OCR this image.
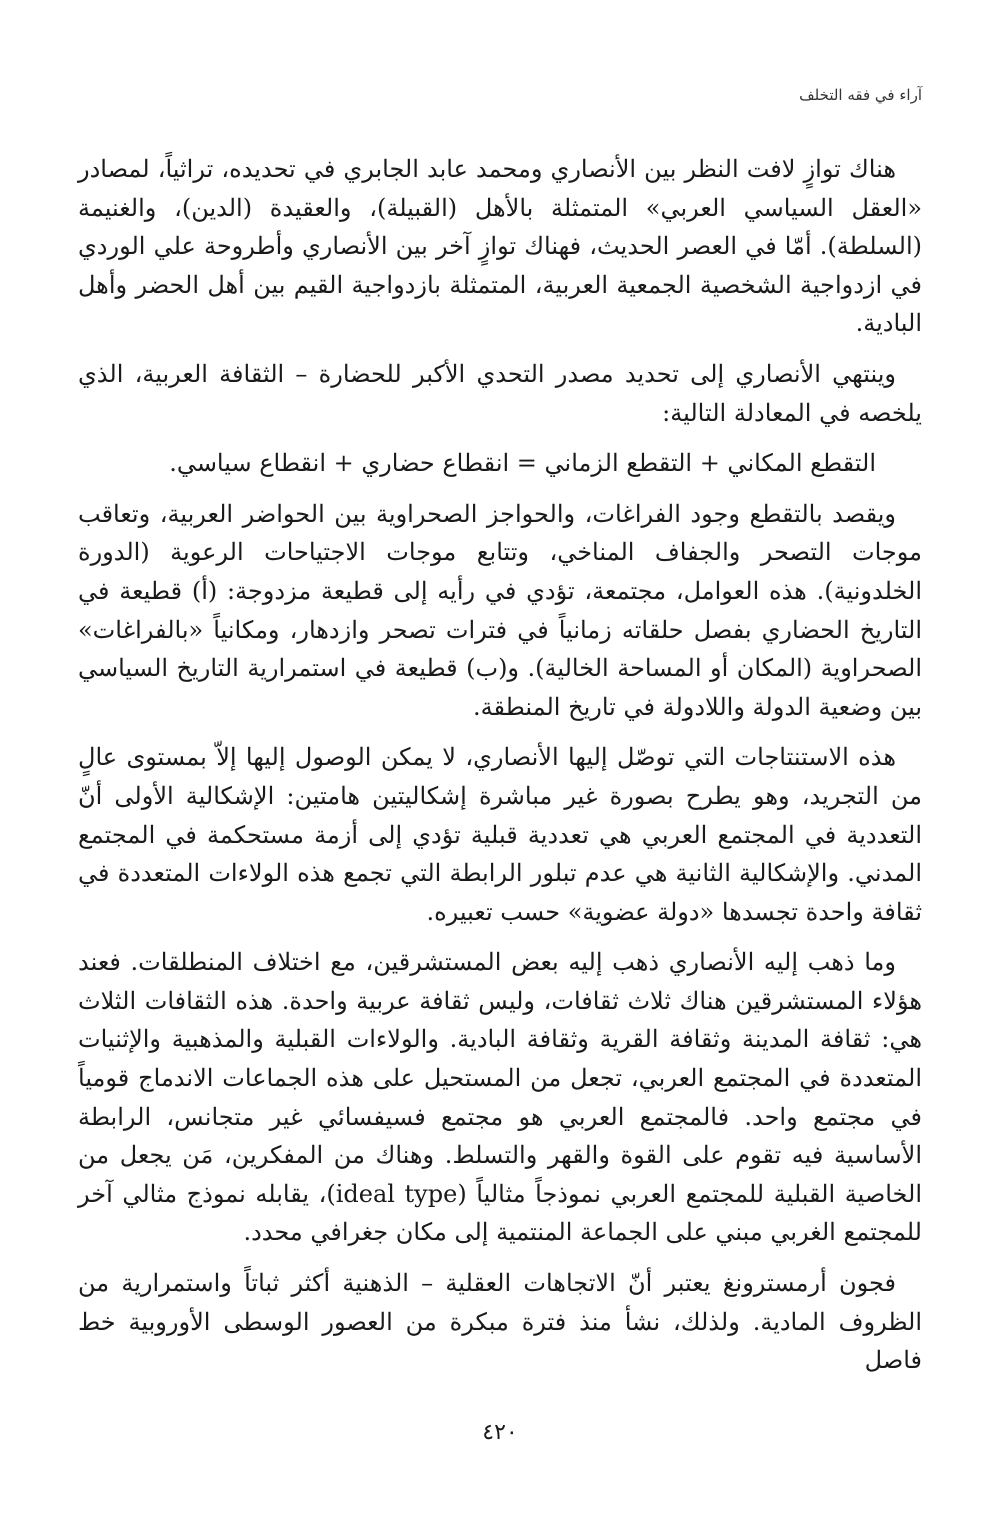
آراء في فقه التخلف

هناك توازٍ لافت النظر بين الأنصاري ومحمد عابد الجابري في تحديده، تراثياً، لمصادر «العقل السياسي العربي» المتمثلة بالأهل (القبيلة)، والعقيدة (الدين)، والغنيمة (السلطة). أمّا في العصر الحديث، فهناك توازٍ آخر بين الأنصاري وأطروحة علي الوردي في ازدواجية الشخصية الجمعية العربية، المتمثلة بازدواجية القيم بين أهل الحضر وأهل البادية.

وينتهي الأنصاري إلى تحديد مصدر التحدي الأكبر للحضارة – الثقافة العربية، الذي يلخصه في المعادلة التالية:

التقطع المكاني + التقطع الزماني = انقطاع حضاري + انقطاع سياسي.

ويقصد بالتقطع وجود الفراغات، والحواجز الصحراوية بين الحواضر العربية، وتعاقب موجات التصحر والجفاف المناخي، وتتابع موجات الاجتياحات الرعوية (الدورة الخلدونية). هذه العوامل، مجتمعة، تؤدي في رأيه إلى قطيعة مزدوجة: (أ) قطيعة في التاريخ الحضاري بفصل حلقاته زمانياً في فترات تصحر وازدهار، ومكانياً «بالفراغات» الصحراوية (المكان أو المساحة الخالية). و(ب) قطيعة في استمرارية التاريخ السياسي بين وضعية الدولة واللادولة في تاريخ المنطقة.

هذه الاستنتاجات التي توصّل إليها الأنصاري، لا يمكن الوصول إليها إلاّ بمستوى عالٍ من التجريد، وهو يطرح بصورة غير مباشرة إشكاليتين هامتين: الإشكالية الأولى أنّ التعددية في المجتمع العربي هي تعددية قبلية تؤدي إلى أزمة مستحكمة في المجتمع المدني. والإشكالية الثانية هي عدم تبلور الرابطة التي تجمع هذه الولاءات المتعددة في ثقافة واحدة تجسدها «دولة عضوية» حسب تعبيره.

وما ذهب إليه الأنصاري ذهب إليه بعض المستشرقين، مع اختلاف المنطلقات. فعند هؤلاء المستشرقين هناك ثلاث ثقافات، وليس ثقافة عربية واحدة. هذه الثقافات الثلاث هي: ثقافة المدينة وثقافة القرية وثقافة البادية. والولاءات القبلية والمذهبية والإثنيات المتعددة في المجتمع العربي، تجعل من المستحيل على هذه الجماعات الاندماج قومياً في مجتمع واحد. فالمجتمع العربي هو مجتمع فسيفسائي غير متجانس، الرابطة الأساسية فيه تقوم على القوة والقهر والتسلط. وهناك من المفكرين، مَن يجعل من الخاصية القبلية للمجتمع العربي نموذجاً مثالياً (ideal type)، يقابله نموذج مثالي آخر للمجتمع الغربي مبني على الجماعة المنتمية إلى مكان جغرافي محدد.

فجون أرمسترونغ يعتبر أنّ الاتجاهات العقلية – الذهنية أكثر ثباتاً واستمرارية من الظروف المادية. ولذلك، نشأ منذ فترة مبكرة من العصور الوسطى الأوروبية خط فاصل

٤٢٠
